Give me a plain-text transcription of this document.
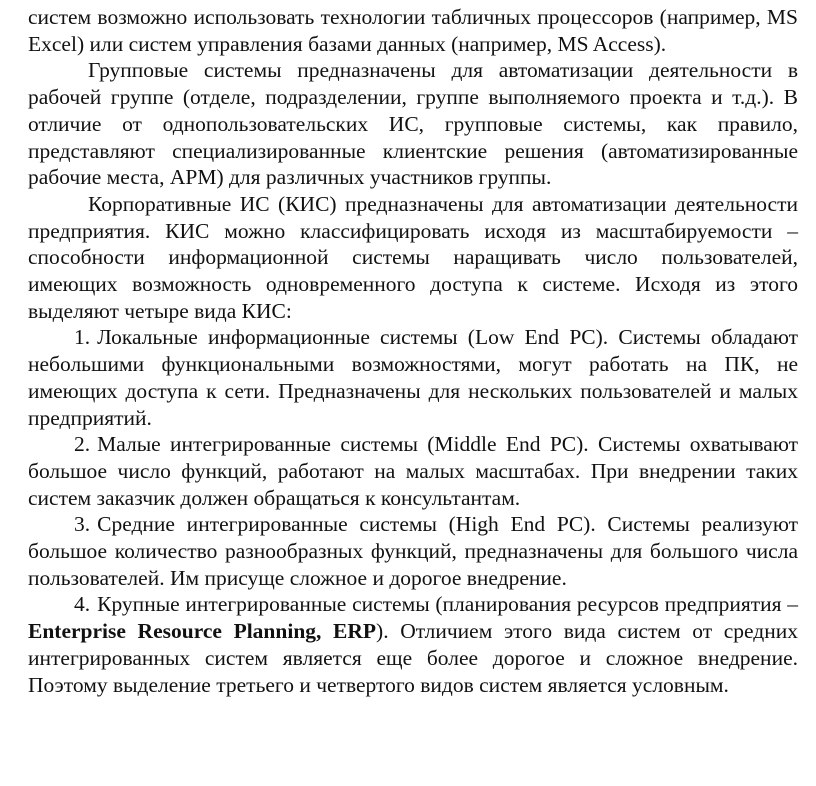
систем возможно использовать технологии табличных процессоров (например, MS Excel) или систем управления базами данных (например, MS Access).

Групповые системы предназначены для автоматизации деятельности в рабочей группе (отделе, подразделении, группе выполняемого проекта и т.д.). В отличие от однопользовательских ИС, групповые системы, как правило, представляют специализированные клиентские решения (автоматизированные рабочие места, АРМ) для различных участников группы.

Корпоративные ИС (КИС) предназначены для автоматизации деятельности предприятия. КИС можно классифицировать исходя из масштабируемости – способности информационной системы наращивать число пользователей, имеющих возможность одновременного доступа к системе. Исходя из этого выделяют четыре вида КИС:

1. Локальные информационные системы (Low End PC). Системы обладают небольшими функциональными возможностями, могут работать на ПК, не имеющих доступа к сети. Предназначены для нескольких пользователей и малых предприятий.

2. Малые интегрированные системы (Middle End PC). Системы охватывают большое число функций, работают на малых масштабах. При внедрении таких систем заказчик должен обращаться к консультантам.

3. Средние интегрированные системы (High End PC). Системы реализуют большое количество разнообразных функций, предназначены для большого числа пользователей. Им присуще сложное и дорогое внедрение.

4. Крупные интегрированные системы (планирования ресурсов предприятия – Enterprise Resource Planning, ERP). Отличием этого вида систем от средних интегрированных систем является еще более дорогое и сложное внедрение. Поэтому выделение третьего и четвертого видов систем является условным.
